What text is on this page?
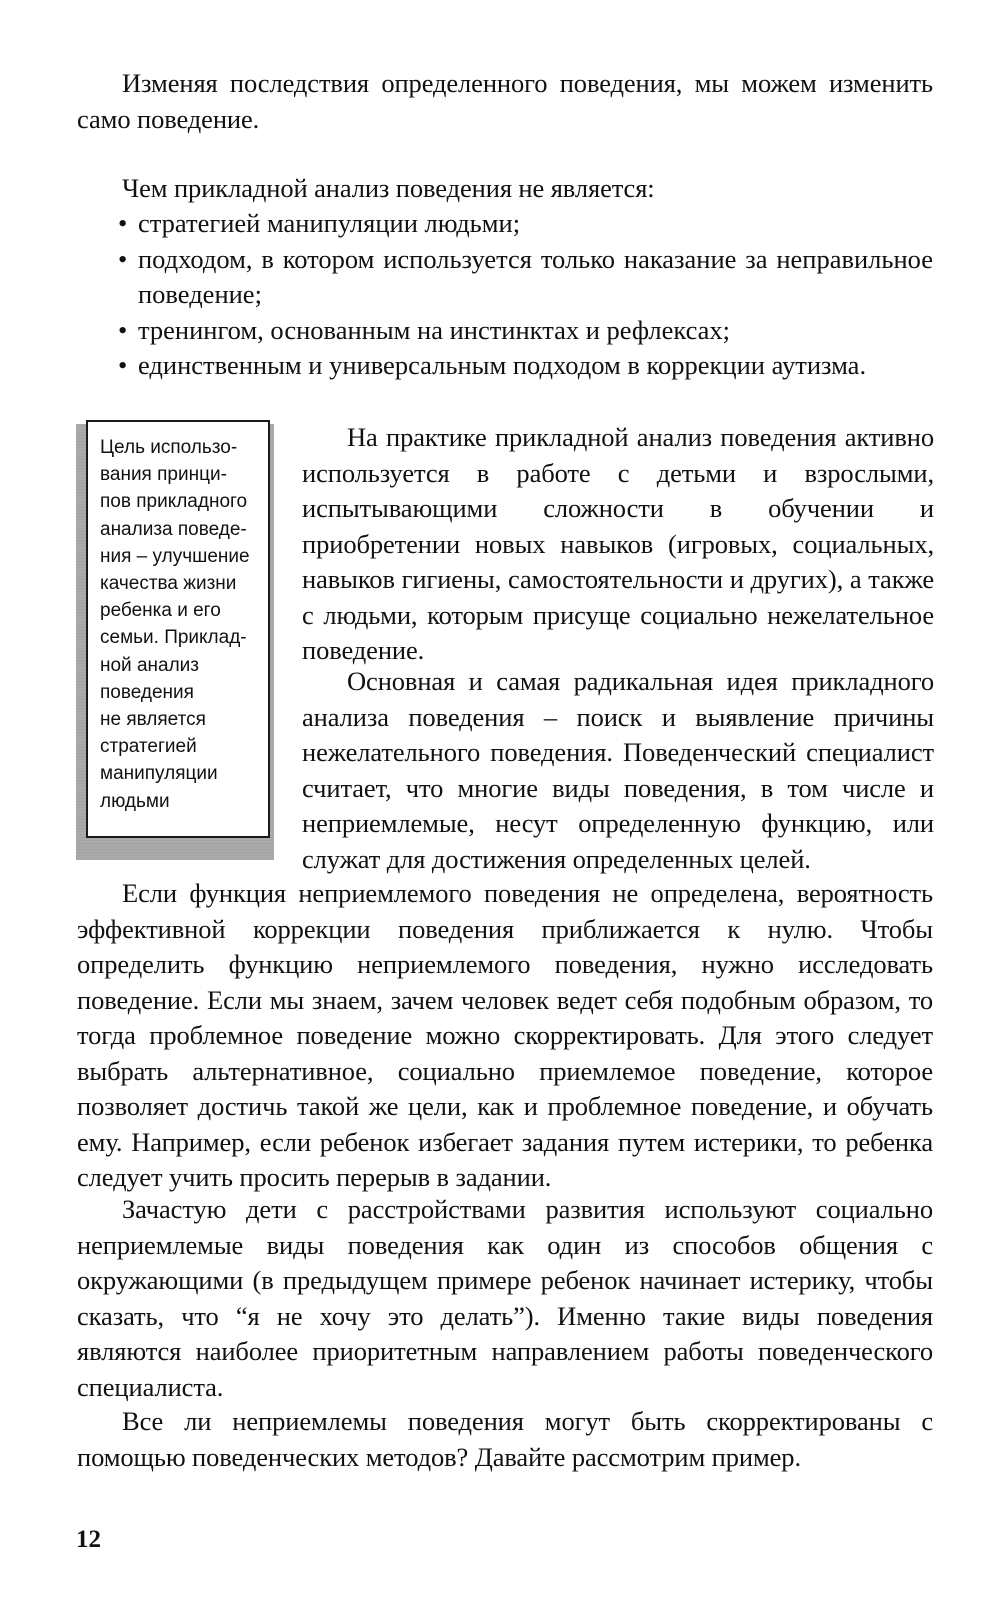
Изменяя последствия определенного поведения, мы можем изменить само поведение.

Чем прикладной анализ поведения не является:

• стратегией манипуляции людьми;
• подходом, в котором используется только наказание за неправильное поведение;
• тренингом, основанным на инстинктах и рефлексах;
• единственным и универсальным подходом в коррекции аутизма.
Цель использо-
вания принци-
пов прикладного
анализа поведе-
ния – улучшение
качества жизни
ребенка и его
семьи. Приклад-
ной анализ
поведения
не является
стратегией
манипуляции
людьми

На практике прикладной анализ поведения активно используется в работе с детьми и взрослыми, испытывающими сложности в обучении и приобретении новых навыков (игровых, социальных, навыков гигиены, самостоятельности и других), а также с людьми, которым присуще социально нежелательное поведение.

Основная и самая радикальная идея прикладного анализа поведения – поиск и выявление причины нежелательного поведения. Поведенческий специалист считает, что многие виды поведения, в том числе и неприемлемые, несут определенную функцию, или служат для достижения определенных целей.

Если функция неприемлемого поведения не определена, вероятность эффективной коррекции поведения приближается к нулю. Чтобы определить функцию неприемлемого поведения, нужно исследовать поведение. Если мы знаем, зачем человек ведет себя подобным образом, то тогда проблемное поведение можно скорректировать. Для этого следует выбрать альтернативное, социально приемлемое поведение, которое позволяет достичь такой же цели, как и проблемное поведение, и обучать ему. Например, если ребенок избегает задания путем истерики, то ребенка следует учить просить перерыв в задании.

Зачастую дети с расстройствами развития используют социально неприемлемые виды поведения как один из способов общения с окружающими (в предыдущем примере ребенок начинает истерику, чтобы сказать, что “я не хочу это делать”). Именно такие виды поведения являются наиболее приоритетным направлением работы поведенческого специалиста.

Все ли неприемлемы поведения могут быть скорректированы с помощью поведенческих методов? Давайте рассмотрим пример.

12
